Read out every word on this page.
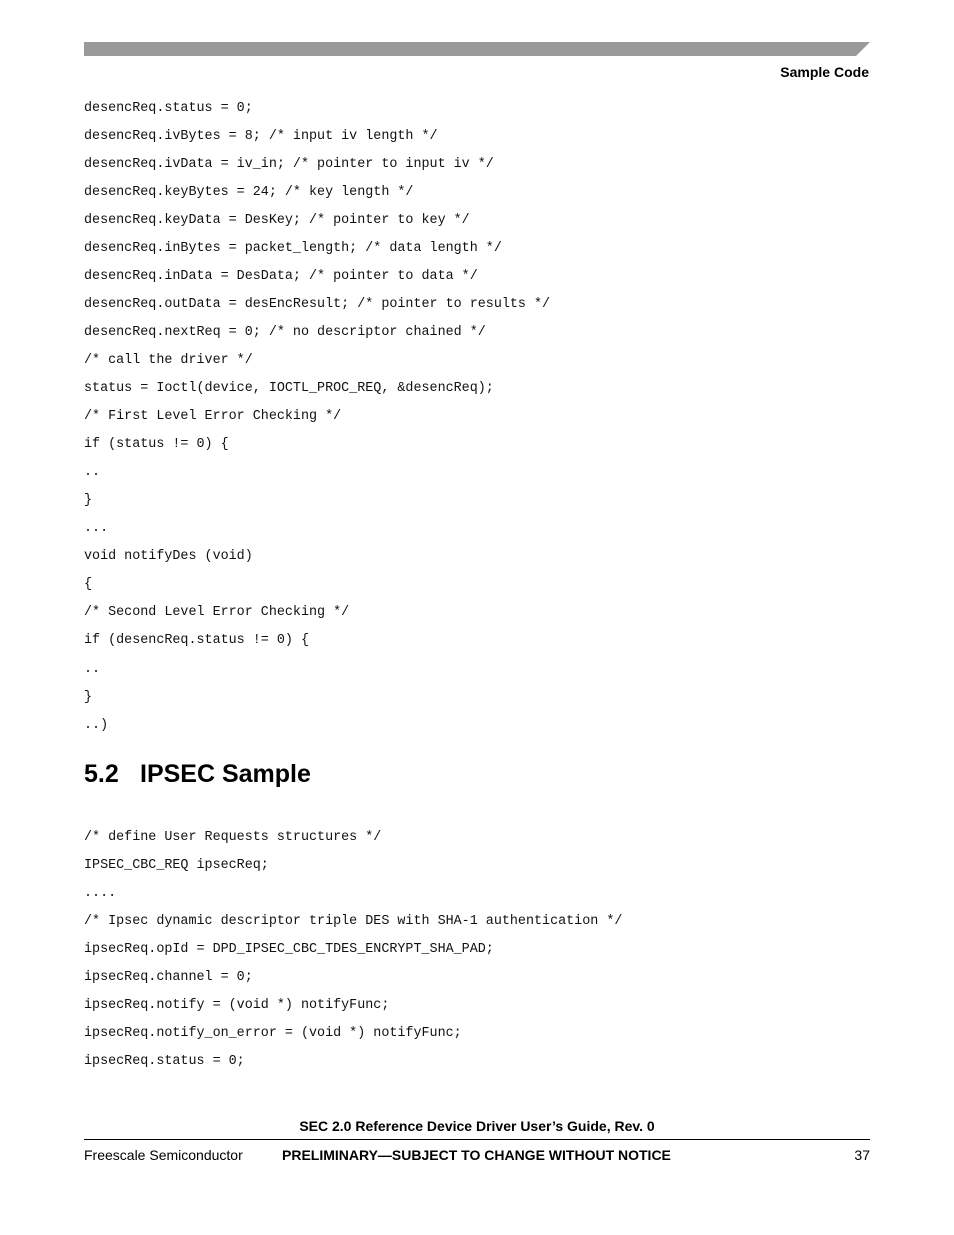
Sample Code
desencReq.status = 0;
desencReq.ivBytes = 8; /* input iv length */
desencReq.ivData = iv_in; /* pointer to input iv */
desencReq.keyBytes = 24; /* key length */
desencReq.keyData = DesKey; /* pointer to key */
desencReq.inBytes = packet_length; /* data length */
desencReq.inData = DesData; /* pointer to data */
desencReq.outData = desEncResult; /* pointer to results */
desencReq.nextReq = 0; /* no descriptor chained */
/* call the driver */
status = Ioctl(device, IOCTL_PROC_REQ, &desencReq);
/* First Level Error Checking */
if (status != 0) {
..
}
...
void notifyDes (void)
{
/* Second Level Error Checking */
if (desencReq.status != 0) {
..
}
..)
5.2 IPSEC Sample
/* define User Requests structures */
IPSEC_CBC_REQ ipsecReq;
....
/* Ipsec dynamic descriptor triple DES with SHA-1 authentication */
ipsecReq.opId = DPD_IPSEC_CBC_TDES_ENCRYPT_SHA_PAD;
ipsecReq.channel = 0;
ipsecReq.notify = (void *) notifyFunc;
ipsecReq.notify_on_error = (void *) notifyFunc;
ipsecReq.status = 0;
SEC 2.0 Reference Device Driver User’s Guide, Rev. 0
Freescale Semiconductor	PRELIMINARY—SUBJECT TO CHANGE WITHOUT NOTICE	37
